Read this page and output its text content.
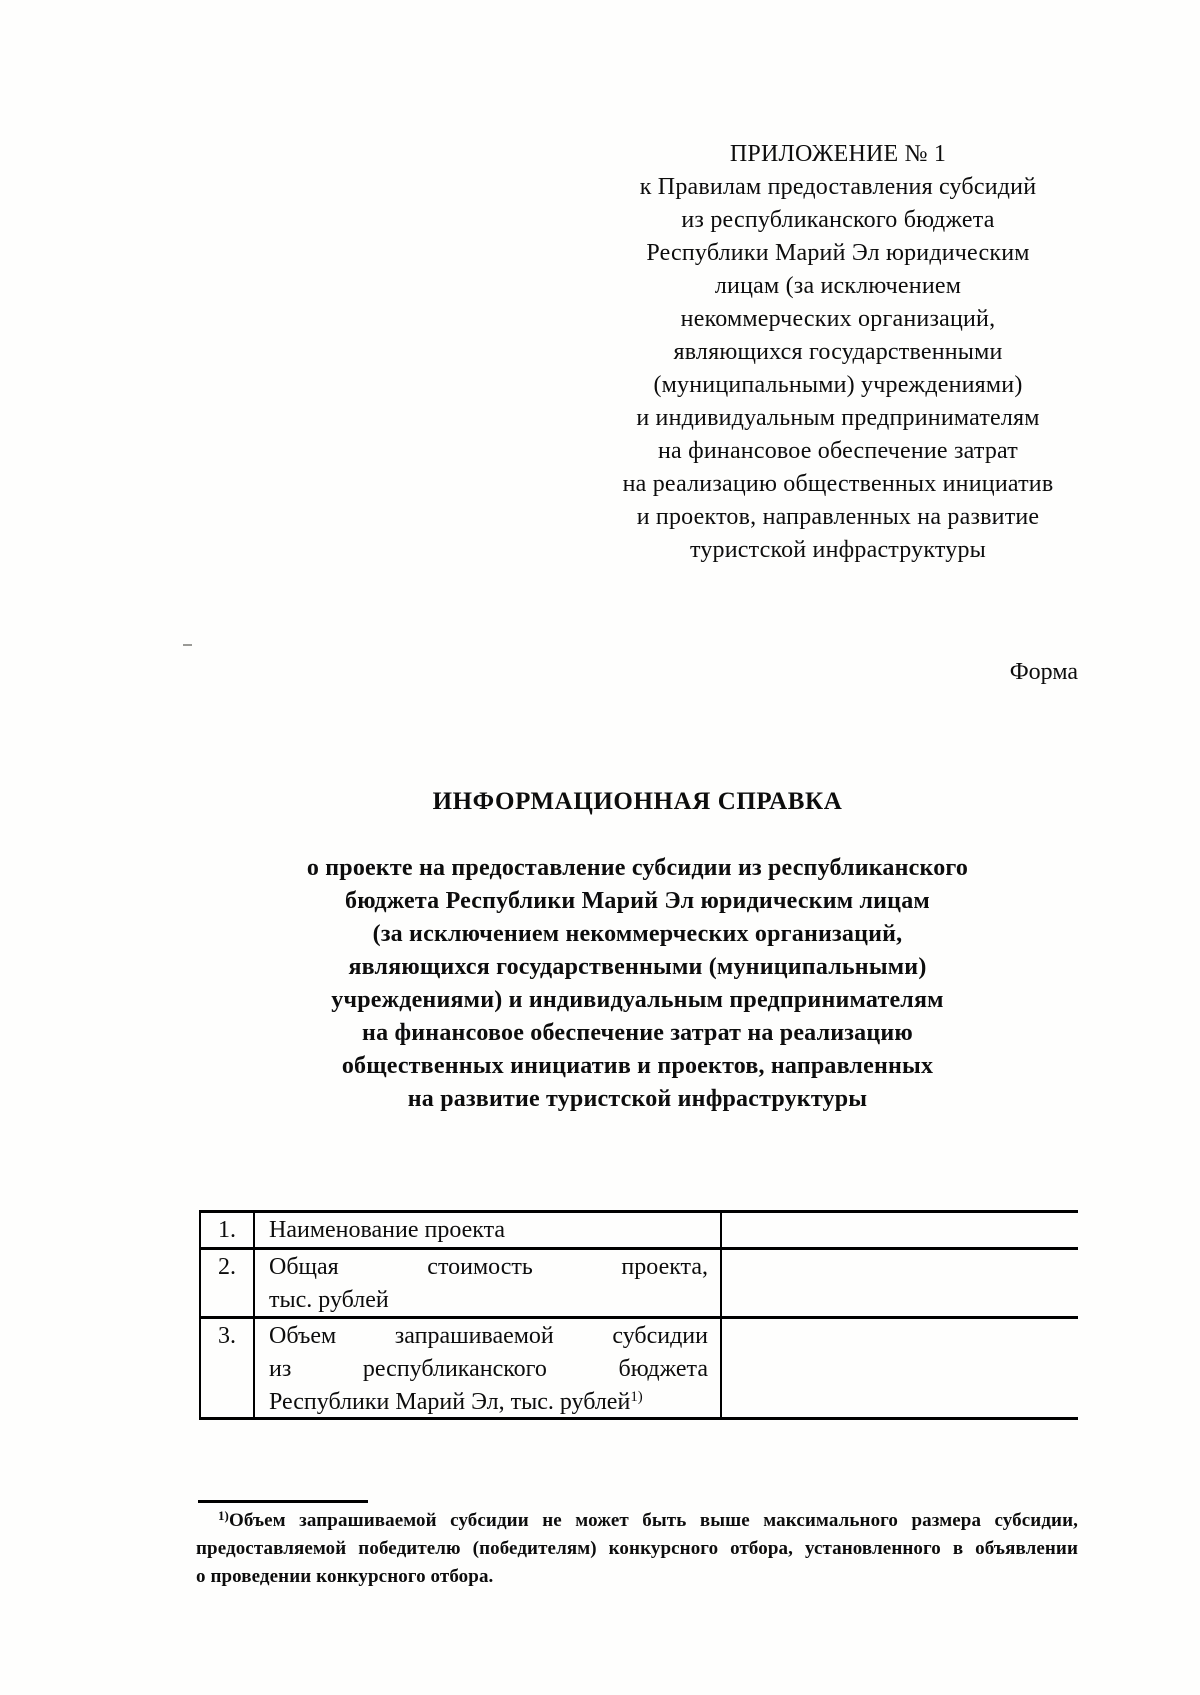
ПРИЛОЖЕНИЕ № 1
к Правилам предоставления субсидий
из республиканского бюджета
Республики Марий Эл юридическим
лицам (за исключением
некоммерческих организаций,
являющихся государственными
(муниципальными) учреждениями)
и индивидуальным предпринимателям
на финансовое обеспечение затрат
на реализацию общественных инициатив
и проектов, направленных на развитие
туристской инфраструктуры
Форма
ИНФОРМАЦИОННАЯ СПРАВКА
о проекте на предоставление субсидии из республиканского
бюджета Республики Марий Эл юридическим лицам
(за исключением некоммерческих организаций,
являющихся государственными (муниципальными)
учреждениями) и индивидуальным предпринимателям
на финансовое обеспечение затрат на реализацию
общественных инициатив и проектов, направленных
на развитие туристской инфраструктуры
1.	Наименование проекта
2.	Общая стоимость проекта,
тыс. рублей
3.	Объем запрашиваемой субсидии
из республиканского бюджета
Республики Марий Эл, тыс. рублей$^{1)}$
$^{1)}$Объем запрашиваемой субсидии не может быть выше максимального размера субсидии,
предоставляемой победителю (победителям) конкурсного отбора, установленного в объявлении
о проведении конкурсного отбора.
